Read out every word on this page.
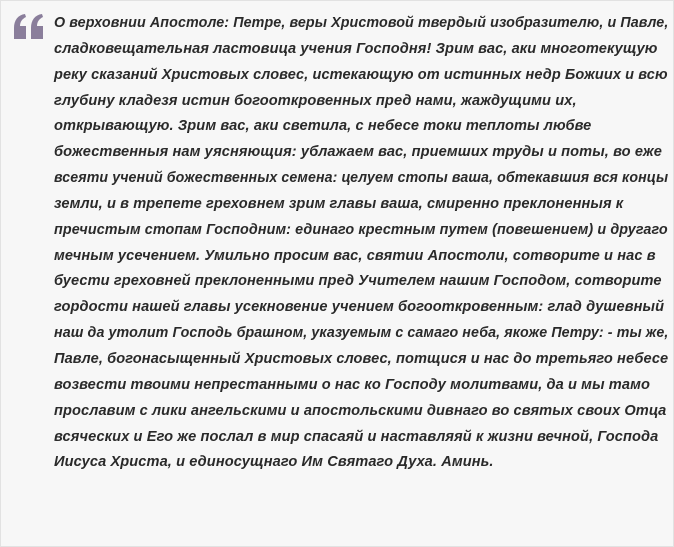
О верховнии Апостоле: Петре, веры Христовой твердый изобразителю, и Павле,
сладковещательная ластовица учения Господня! Зрим вас, аки многотекущую
реку сказаний Христовых словес, истекающую от истинных недр Божиих и всю
глубину кладезя истин богооткровенных пред нами, жаждущими их,
открывающую. Зрим вас, аки светила, с небесе токи теплоты любве
божественныя нам уясняющия: ублажаем вас, приемших труды и поты, во еже
всеяти учений божественных семена: целуем стопы ваша, обтекавшия вся концы
земли, и в трепете греховнем зрим главы ваша, смиренно преклоненныя к
пречистым стопам Господним: единаго крестным путем (повешением) и другаго
мечным усечением. Умильно просим вас, святии Апостоли, сотворите и нас в
буести греховней преклоненными пред Учителем нашим Господом, сотворите
гордости нашей главы усекновение учением богооткровенным: глад душевный
наш да утолит Господь брашном, указуемым с самаго неба, якоже Петру: - ты же,
Павле, богонасыщенный Христовых словес, потщися и нас до третьяго небесе
возвести твоими непрестанными о нас ко Господу молитвами, да и мы тамо
прославим с лики ангельскими и апостольскими дивнаго во святых своих Отца
всяческих и Его же послал в мир спасаяй и наставляяй к жизни вечной, Господа
Иисуса Христа, и единосущнаго Им Святаго Духа. Аминь.
